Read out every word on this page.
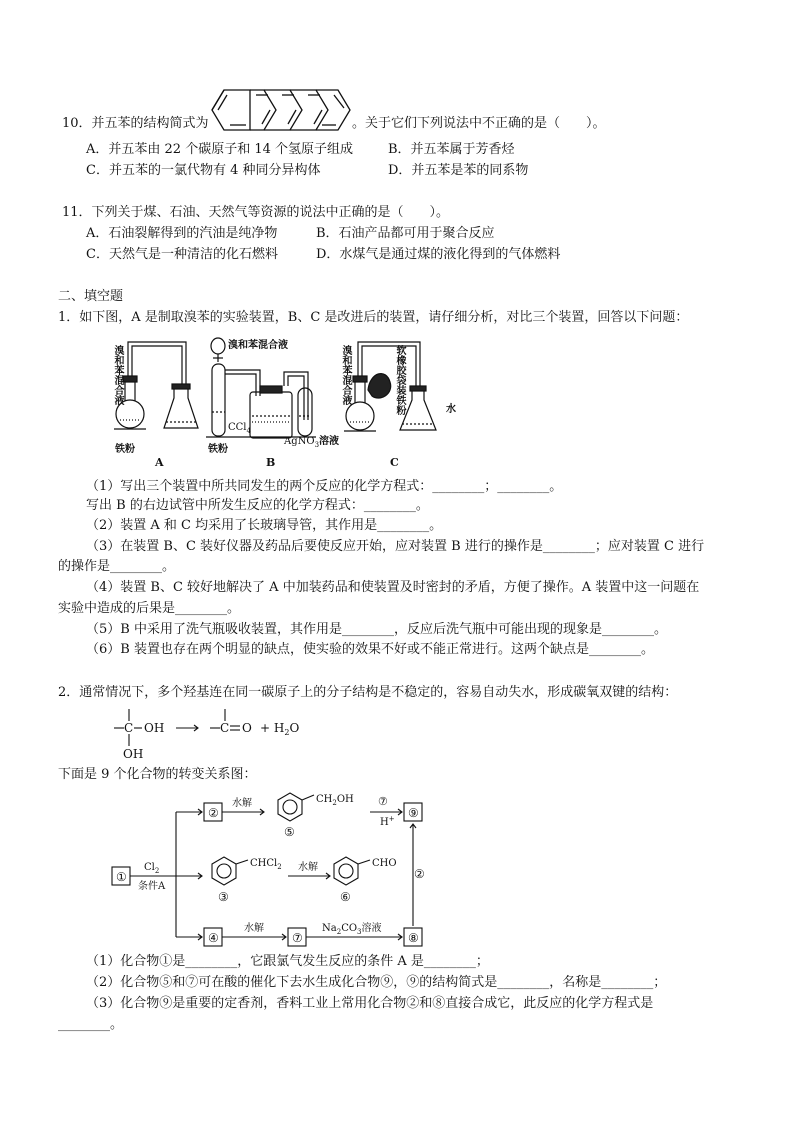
10．并五苯的结构简式为	。关于它们下列说法中不正确的是（　　）。
A．并五苯由 22 个碳原子和 14 个氢原子组成	B．并五苯属于芳香烃
C．并五苯的一氯代物有 4 种同分异构体	D．并五苯是苯的同系物
11．下列关于煤、石油、天然气等资源的说法中正确的是（　　）。
A．石油裂解得到的汽油是纯净物	B．石油产品都可用于聚合反应
C．天然气是一种清洁的化石燃料	D．水煤气是通过煤的液化得到的气体燃料
二、填空题
1．如下图，A 是制取溴苯的实验装置，B、C 是改进后的装置，请仔细分析，对比三个装置，回答以下问题：
铁粉
A
溴和苯混合液
CCl$_4$
铁粉
AgNO$_3$溶液
B
水
C
溴和苯混合液	溴和苯混合液	软橡胶袋装铁粉
（1）写出三个装置中所共同发生的两个反应的化学方程式：________；________。
写出 B 的右边试管中所发生反应的化学方程式：________。
（2）装置 A 和 C 均采用了长玻璃导管，其作用是________。
（3）在装置 B、C 装好仪器及药品后要使反应开始，应对装置 B 进行的操作是________；应对装置 C 进行
的操作是________。
（4）装置 B、C 较好地解决了 A 中加装药品和使装置及时密封的矛盾，方便了操作。A 装置中这一问题在
实验中造成的后果是________。
（5）B 中采用了洗气瓶吸收装置，其作用是________，反应后洗气瓶中可能出现的现象是________。
（6）B 装置也存在两个明显的缺点，使实验的效果不好或不能正常进行。这两个缺点是________。
2．通常情况下，多个羟基连在同一碳原子上的分子结构是不稳定的，容易自动失水，形成碳氧双键的结构：
C OH
OH
C $O + H_2O$
下面是 9 个化合物的转变关系图：
①
②
④	⑦
⑨
⑧
⑤
③	⑥
②
⑦
$Cl_2$
条件A
水解
水解
水解
H+
$CH_2OH$
CHCl$_2$	CHO
$Na_2CO_3$溶液
（1）化合物①是________，它跟氯气发生反应的条件 A 是________；
（2）化合物⑤和⑦可在酸的催化下去水生成化合物⑨，⑨的结构简式是________，名称是________；
（3）化合物⑨是重要的定香剂，香料工业上常用化合物②和⑧直接合成它，此反应的化学方程式是
________。
